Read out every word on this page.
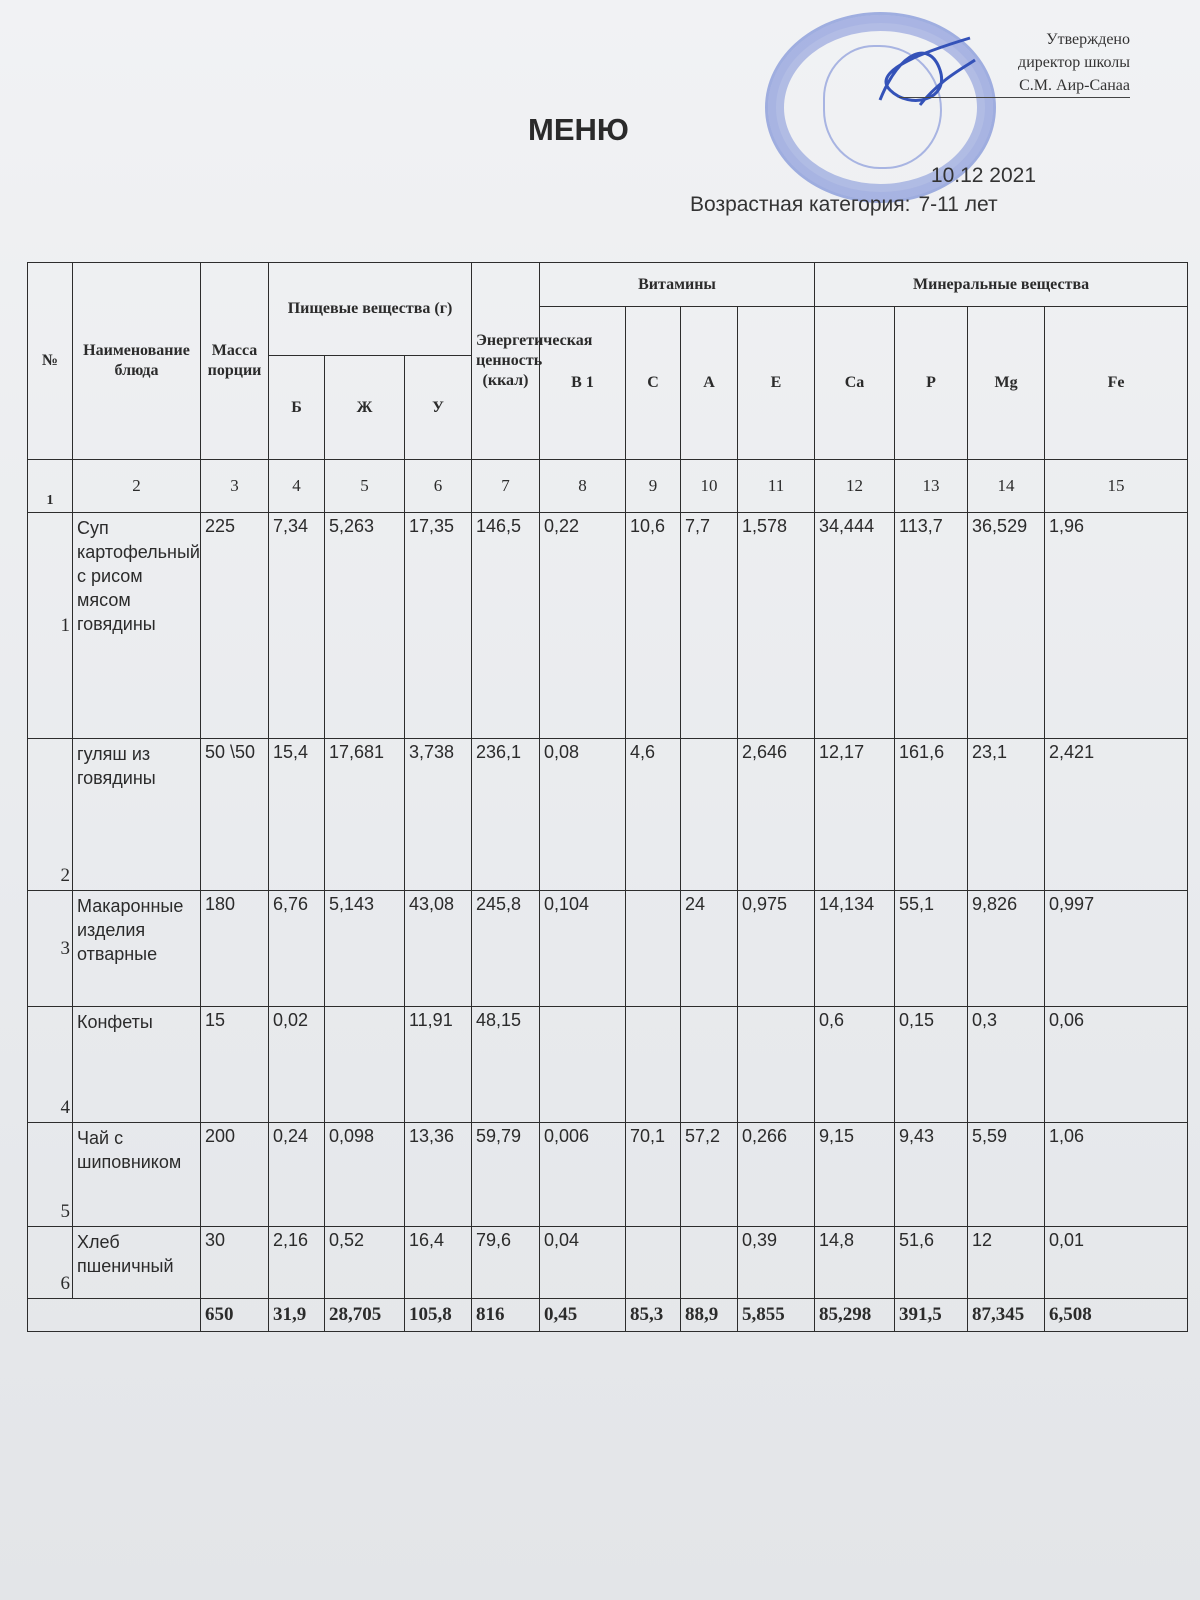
Утверждено
директор школы
С.М. Аир-Санаа
МЕНЮ
10.12 2021
Возрастная категория: 7-11 лет
№	Наименование блюда	Масса порции	Пищевые вещества (г)			Энергетическая ценность (ккал)	Витамины				Минеральные вещества			
							В 1	С	А	Е	Ca	P	Mg	Fe
			Б	Ж	У									
1	2	3	4	5	6	7	8	9	10	11	12	13	14	15
1	Суп картофельный с рисом мясом говядины	225	7,34	5,263	17,35	146,5	0,22	10,6	7,7	1,578	34,444	113,7	36,529	1,96
2	гуляш из говядины	50 \50	15,4	17,681	3,738	236,1	0,08	4,6		2,646	12,17	161,6	23,1	2,421
3	Макаронные изделия отварные	180	6,76	5,143	43,08	245,8	0,104		24	0,975	14,134	55,1	9,826	0,997
4	Конфеты	15	0,02		11,91	48,15					0,6	0,15	0,3	0,06
5	Чай с шиповником	200	0,24	0,098	13,36	59,79	0,006	70,1	57,2	0,266	9,15	9,43	5,59	1,06
6	Хлеб пшеничный	30	2,16	0,52	16,4	79,6	0,04			0,39	14,8	51,6	12	0,01
		650	31,9	28,705	105,8	816	0,45	85,3	88,9	5,855	85,298	391,5	87,345	6,508
